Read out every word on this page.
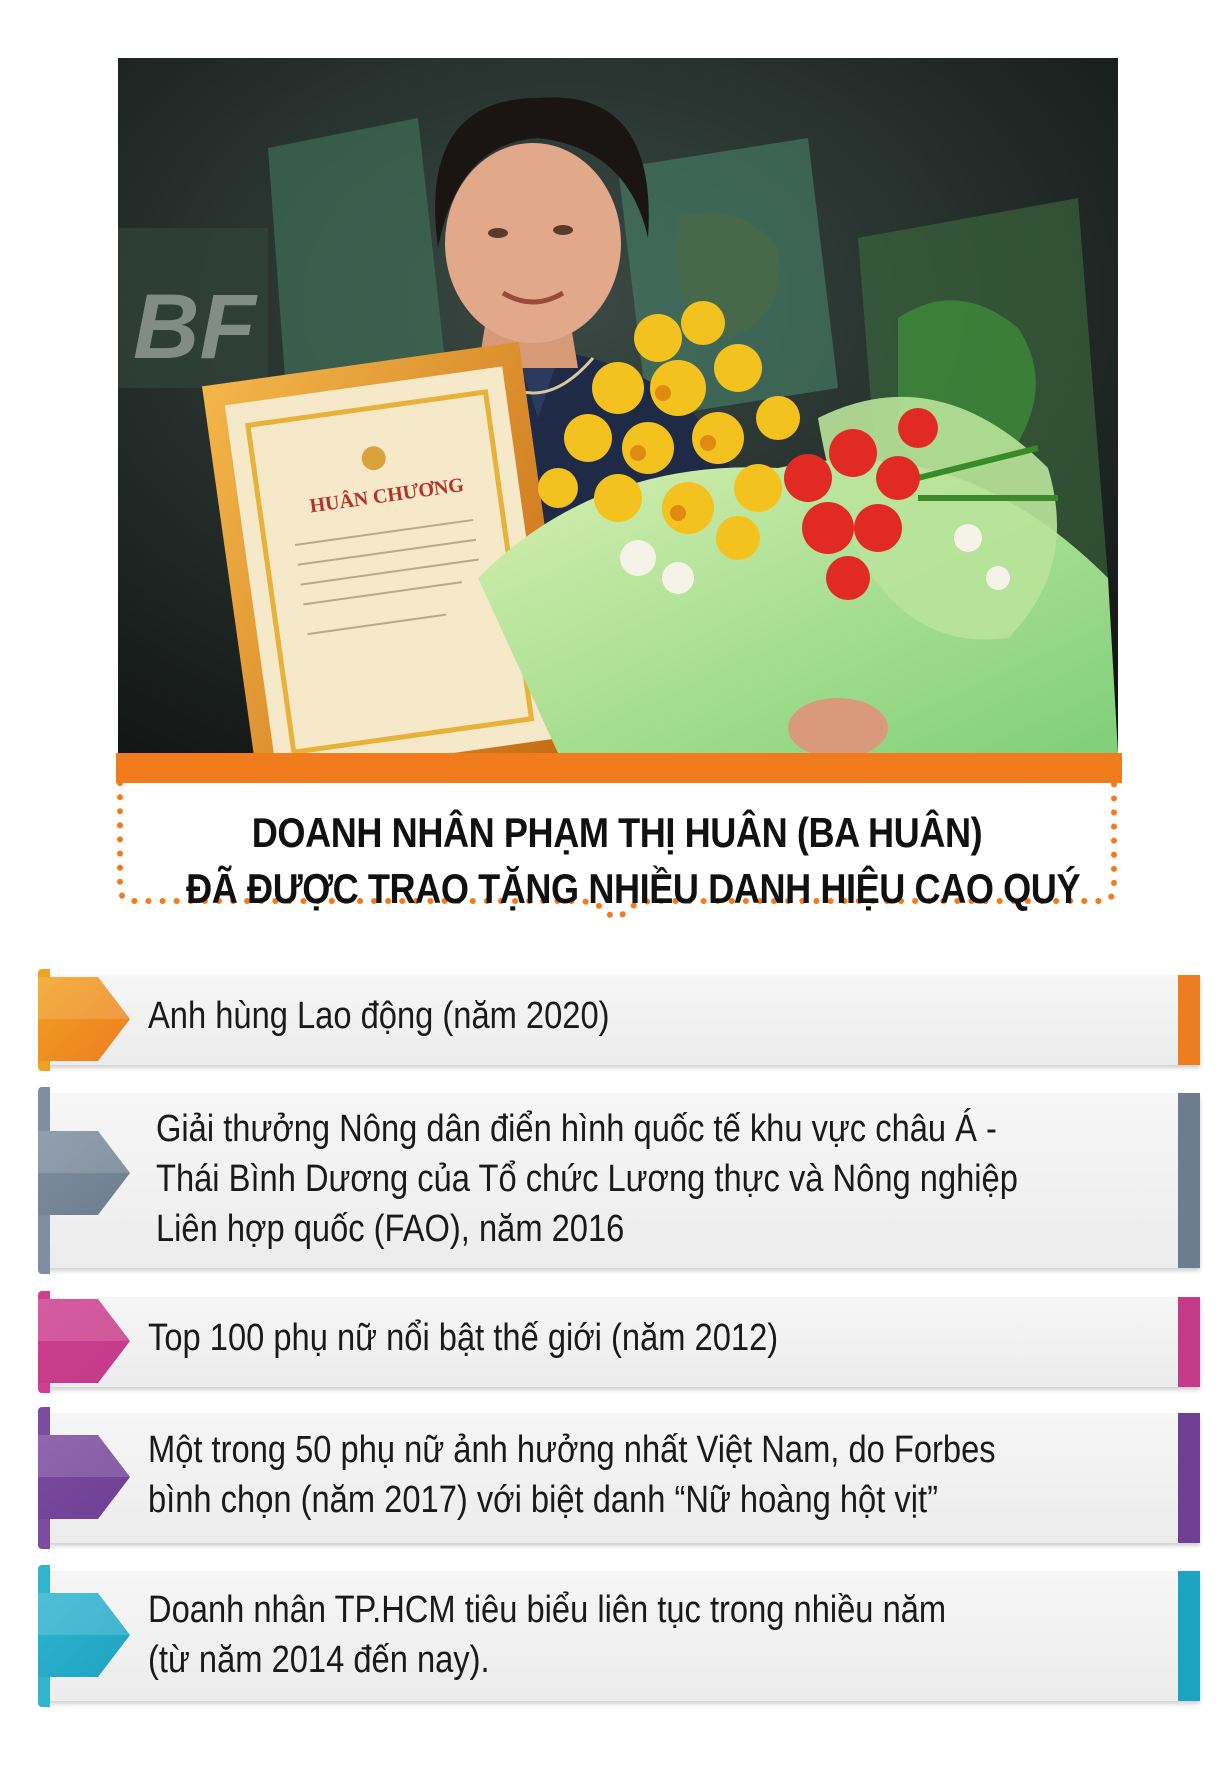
BF
HUÂN CHƯƠNG
DOANH NHÂN PHẠM THỊ HUÂN (BA HUÂN)
ĐÃ ĐƯỢC TRAO TẶNG NHIỀU DANH HIỆU CAO QUÝ
Anh hùng Lao động (năm 2020)
Giải thưởng Nông dân điển hình quốc tế khu vực châu Á -
Thái Bình Dương của Tổ chức Lương thực và Nông nghiệp
Liên hợp quốc (FAO), năm 2016
Top 100 phụ nữ nổi bật thế giới (năm 2012)
Một trong 50 phụ nữ ảnh hưởng nhất Việt Nam, do Forbes
bình chọn (năm 2017) với biệt danh “Nữ hoàng hột vịt”
Doanh nhân TP.HCM tiêu biểu liên tục trong nhiều năm
(từ năm 2014 đến nay).
